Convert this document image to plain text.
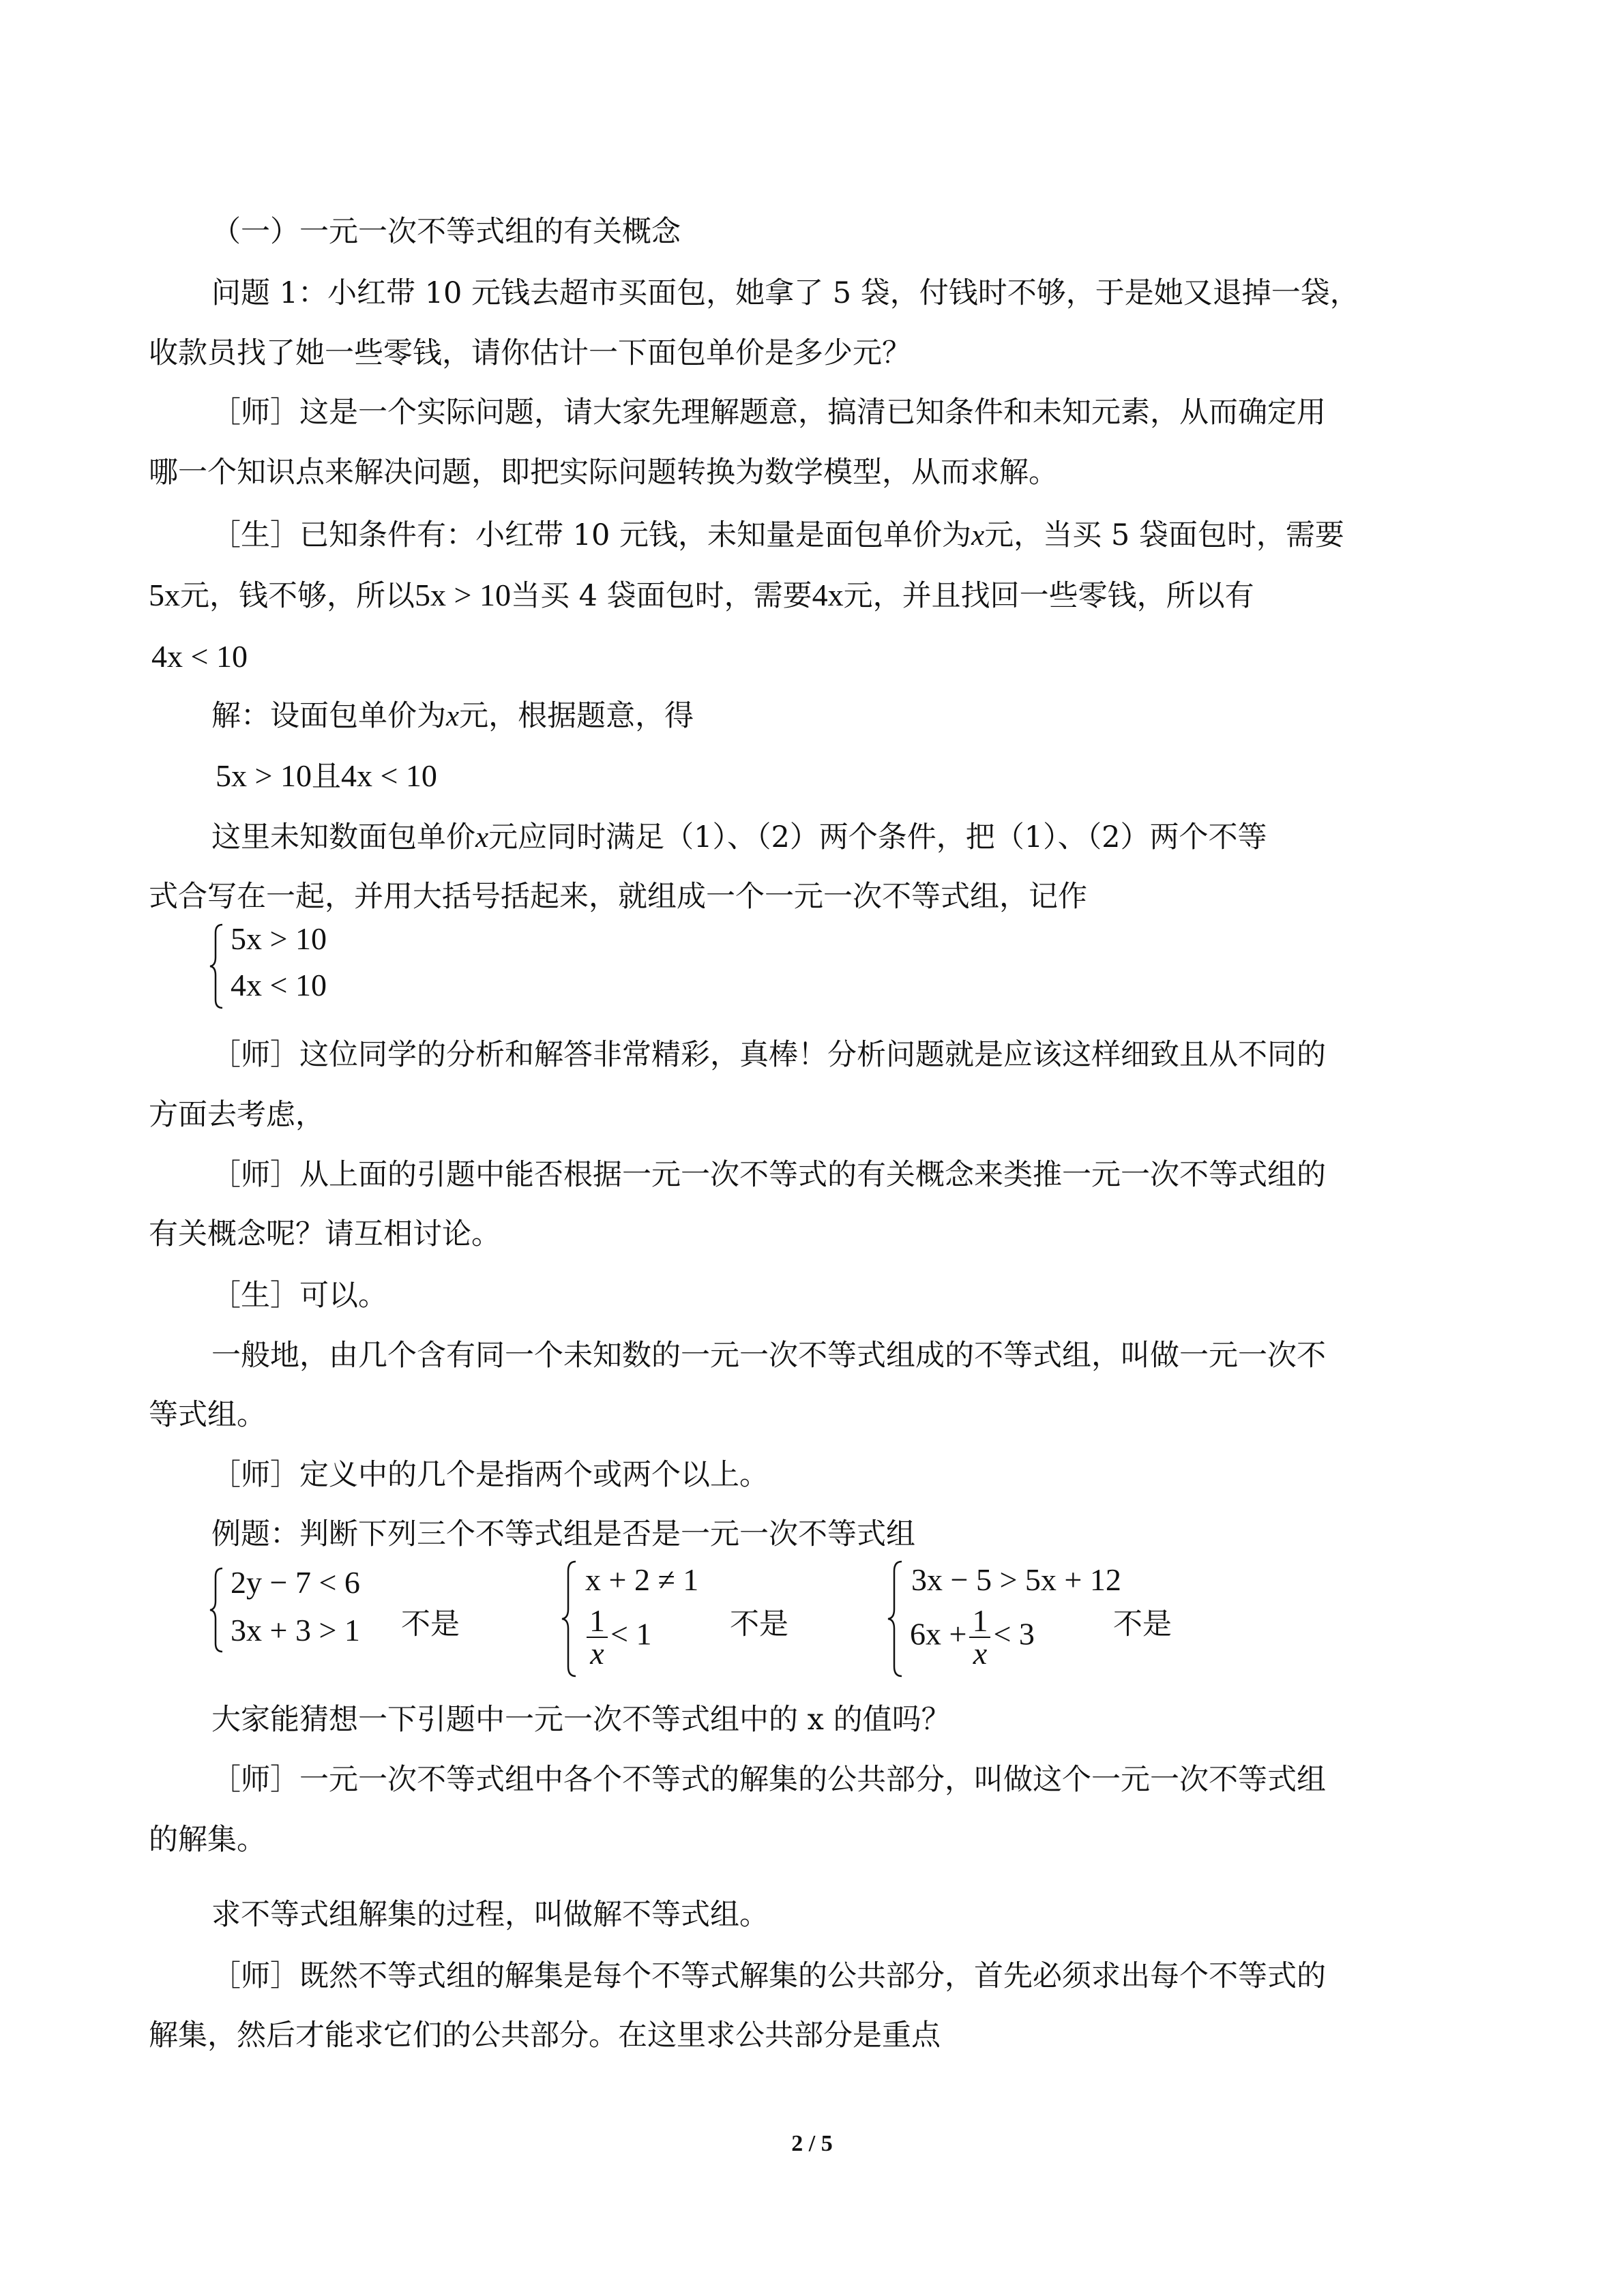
（一）一元一次不等式组的有关概念
问题 1：小红带 10 元钱去超市买面包，她拿了 5 袋，付钱时不够，于是她又退掉一袋，
收款员找了她一些零钱，请你估计一下面包单价是多少元？
［师］这是一个实际问题，请大家先理解题意，搞清已知条件和未知元素，从而确定用
哪一个知识点来解决问题，即把实际问题转换为数学模型，从而求解。
［生］已知条件有：小红带 10 元钱，未知量是面包单价为x元，当买 5 袋面包时，需要
5x元，钱不够，所以5x > 10当买 4 袋面包时，需要4x元，并且找回一些零钱，所以有
4x < 10
解：设面包单价为x元，根据题意，得
5x > 10且4x < 10
这里未知数面包单价x元应同时满足（1）、（2）两个条件，把（1）、（2）两个不等
式合写在一起，并用大括号括起来，就组成一个一元一次不等式组，记作
5x > 10
4x < 10
［师］这位同学的分析和解答非常精彩，真棒！分析问题就是应该这样细致且从不同的
方面去考虑，
［师］从上面的引题中能否根据一元一次不等式的有关概念来类推一元一次不等式组的
有关概念呢？请互相讨论。
［生］可以。
一般地，由几个含有同一个未知数的一元一次不等式组成的不等式组，叫做一元一次不
等式组。
［师］定义中的几个是指两个或两个以上。
例题：判断下列三个不等式组是否是一元一次不等式组
2y − 7 < 6
3x + 3 > 1 不是
x + 2 ≠ 1
$\frac{1}{x} < 1$	不是
3x − 5 > 5x + 12
$6x + \frac{1}{x} < 3$	不是
大家能猜想一下引题中一元一次不等式组中的 x 的值吗？
［师］一元一次不等式组中各个不等式的解集的公共部分，叫做这个一元一次不等式组
的解集。
求不等式组解集的过程，叫做解不等式组。
［师］既然不等式组的解集是每个不等式解集的公共部分，首先必须求出每个不等式的
解集，然后才能求它们的公共部分。在这里求公共部分是重点
2 / 5
